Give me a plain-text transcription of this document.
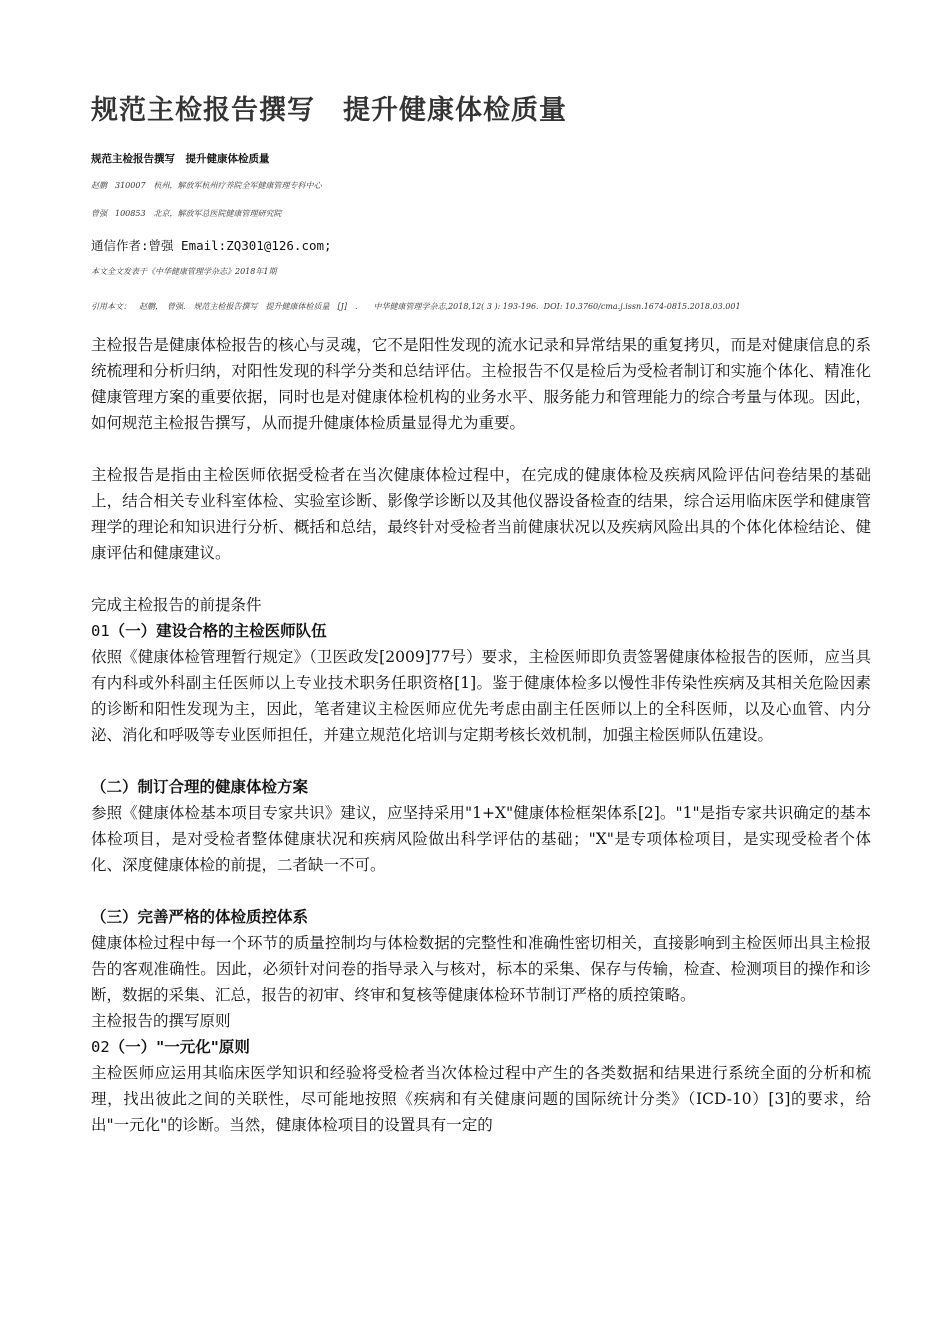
规范主检报告撰写　提升健康体检质量
规范主检报告撰写　提升健康体检质量
赵鹏　310007　杭州，解放军杭州疗养院全军健康管理专科中心
曾强　100853　北京，解放军总医院健康管理研究院
通信作者:曾强 Email:ZQ301@126.com;
本文全文发表于《中华健康管理学杂志》2018年1期
引用本文：　赵鹏，　曾强.　规范主检报告撰写　提升健康体检质量　[J]　.　　中华健康管理学杂志,2018,12( 3 ): 193-196.  DOI: 10.3760/cma.j.issn.1674-0815.2018.03.001

主检报告是健康体检报告的核心与灵魂，它不是阳性发现的流水记录和异常结果的重复拷贝，而是对健康信息的系统梳理和分析归纳，对阳性发现的科学分类和总结评估。主检报告不仅是检后为受检者制订和实施个体化、精准化健康管理方案的重要依据，同时也是对健康体检机构的业务水平、服务能力和管理能力的综合考量与体现。因此，如何规范主检报告撰写，从而提升健康体检质量显得尤为重要。

主检报告是指由主检医师依据受检者在当次健康体检过程中，在完成的健康体检及疾病风险评估问卷结果的基础上，结合相关专业科室体检、实验室诊断、影像学诊断以及其他仪器设备检查的结果，综合运用临床医学和健康管理学的理论和知识进行分析、概括和总结，最终针对受检者当前健康状况以及疾病风险出具的个体化体检结论、健康评估和健康建议。

完成主检报告的前提条件
01（一）建设合格的主检医师队伍

依照《健康体检管理暂行规定》（卫医政发[2009]77号）要求，主检医师即负责签署健康体检报告的医师，应当具有内科或外科副主任医师以上专业技术职务任职资格[1]。鉴于健康体检多以慢性非传染性疾病及其相关危险因素的诊断和阳性发现为主，因此，笔者建议主检医师应优先考虑由副主任医师以上的全科医师，以及心血管、内分泌、消化和呼吸等专业医师担任，并建立规范化培训与定期考核长效机制，加强主检医师队伍建设。

（二）制订合理的健康体检方案

参照《健康体检基本项目专家共识》建议，应坚持采用"1+X"健康体检框架体系[2]。"1"是指专家共识确定的基本体检项目，是对受检者整体健康状况和疾病风险做出科学评估的基础；"X"是专项体检项目，是实现受检者个体化、深度健康体检的前提，二者缺一不可。

（三）完善严格的体检质控体系

健康体检过程中每一个环节的质量控制均与体检数据的完整性和准确性密切相关，直接影响到主检医师出具主检报告的客观准确性。因此，必须针对问卷的指导录入与核对，标本的采集、保存与传输，检查、检测项目的操作和诊断，数据的采集、汇总，报告的初审、终审和复核等健康体检环节制订严格的质控策略。

主检报告的撰写原则
02（一）"一元化"原则

主检医师应运用其临床医学知识和经验将受检者当次体检过程中产生的各类数据和结果进行系统全面的分析和梳理，找出彼此之间的关联性，尽可能地按照《疾病和有关健康问题的国际统计分类》（ICD-10）[3]的要求，给出"一元化"的诊断。当然，健康体检项目的设置具有一定的
